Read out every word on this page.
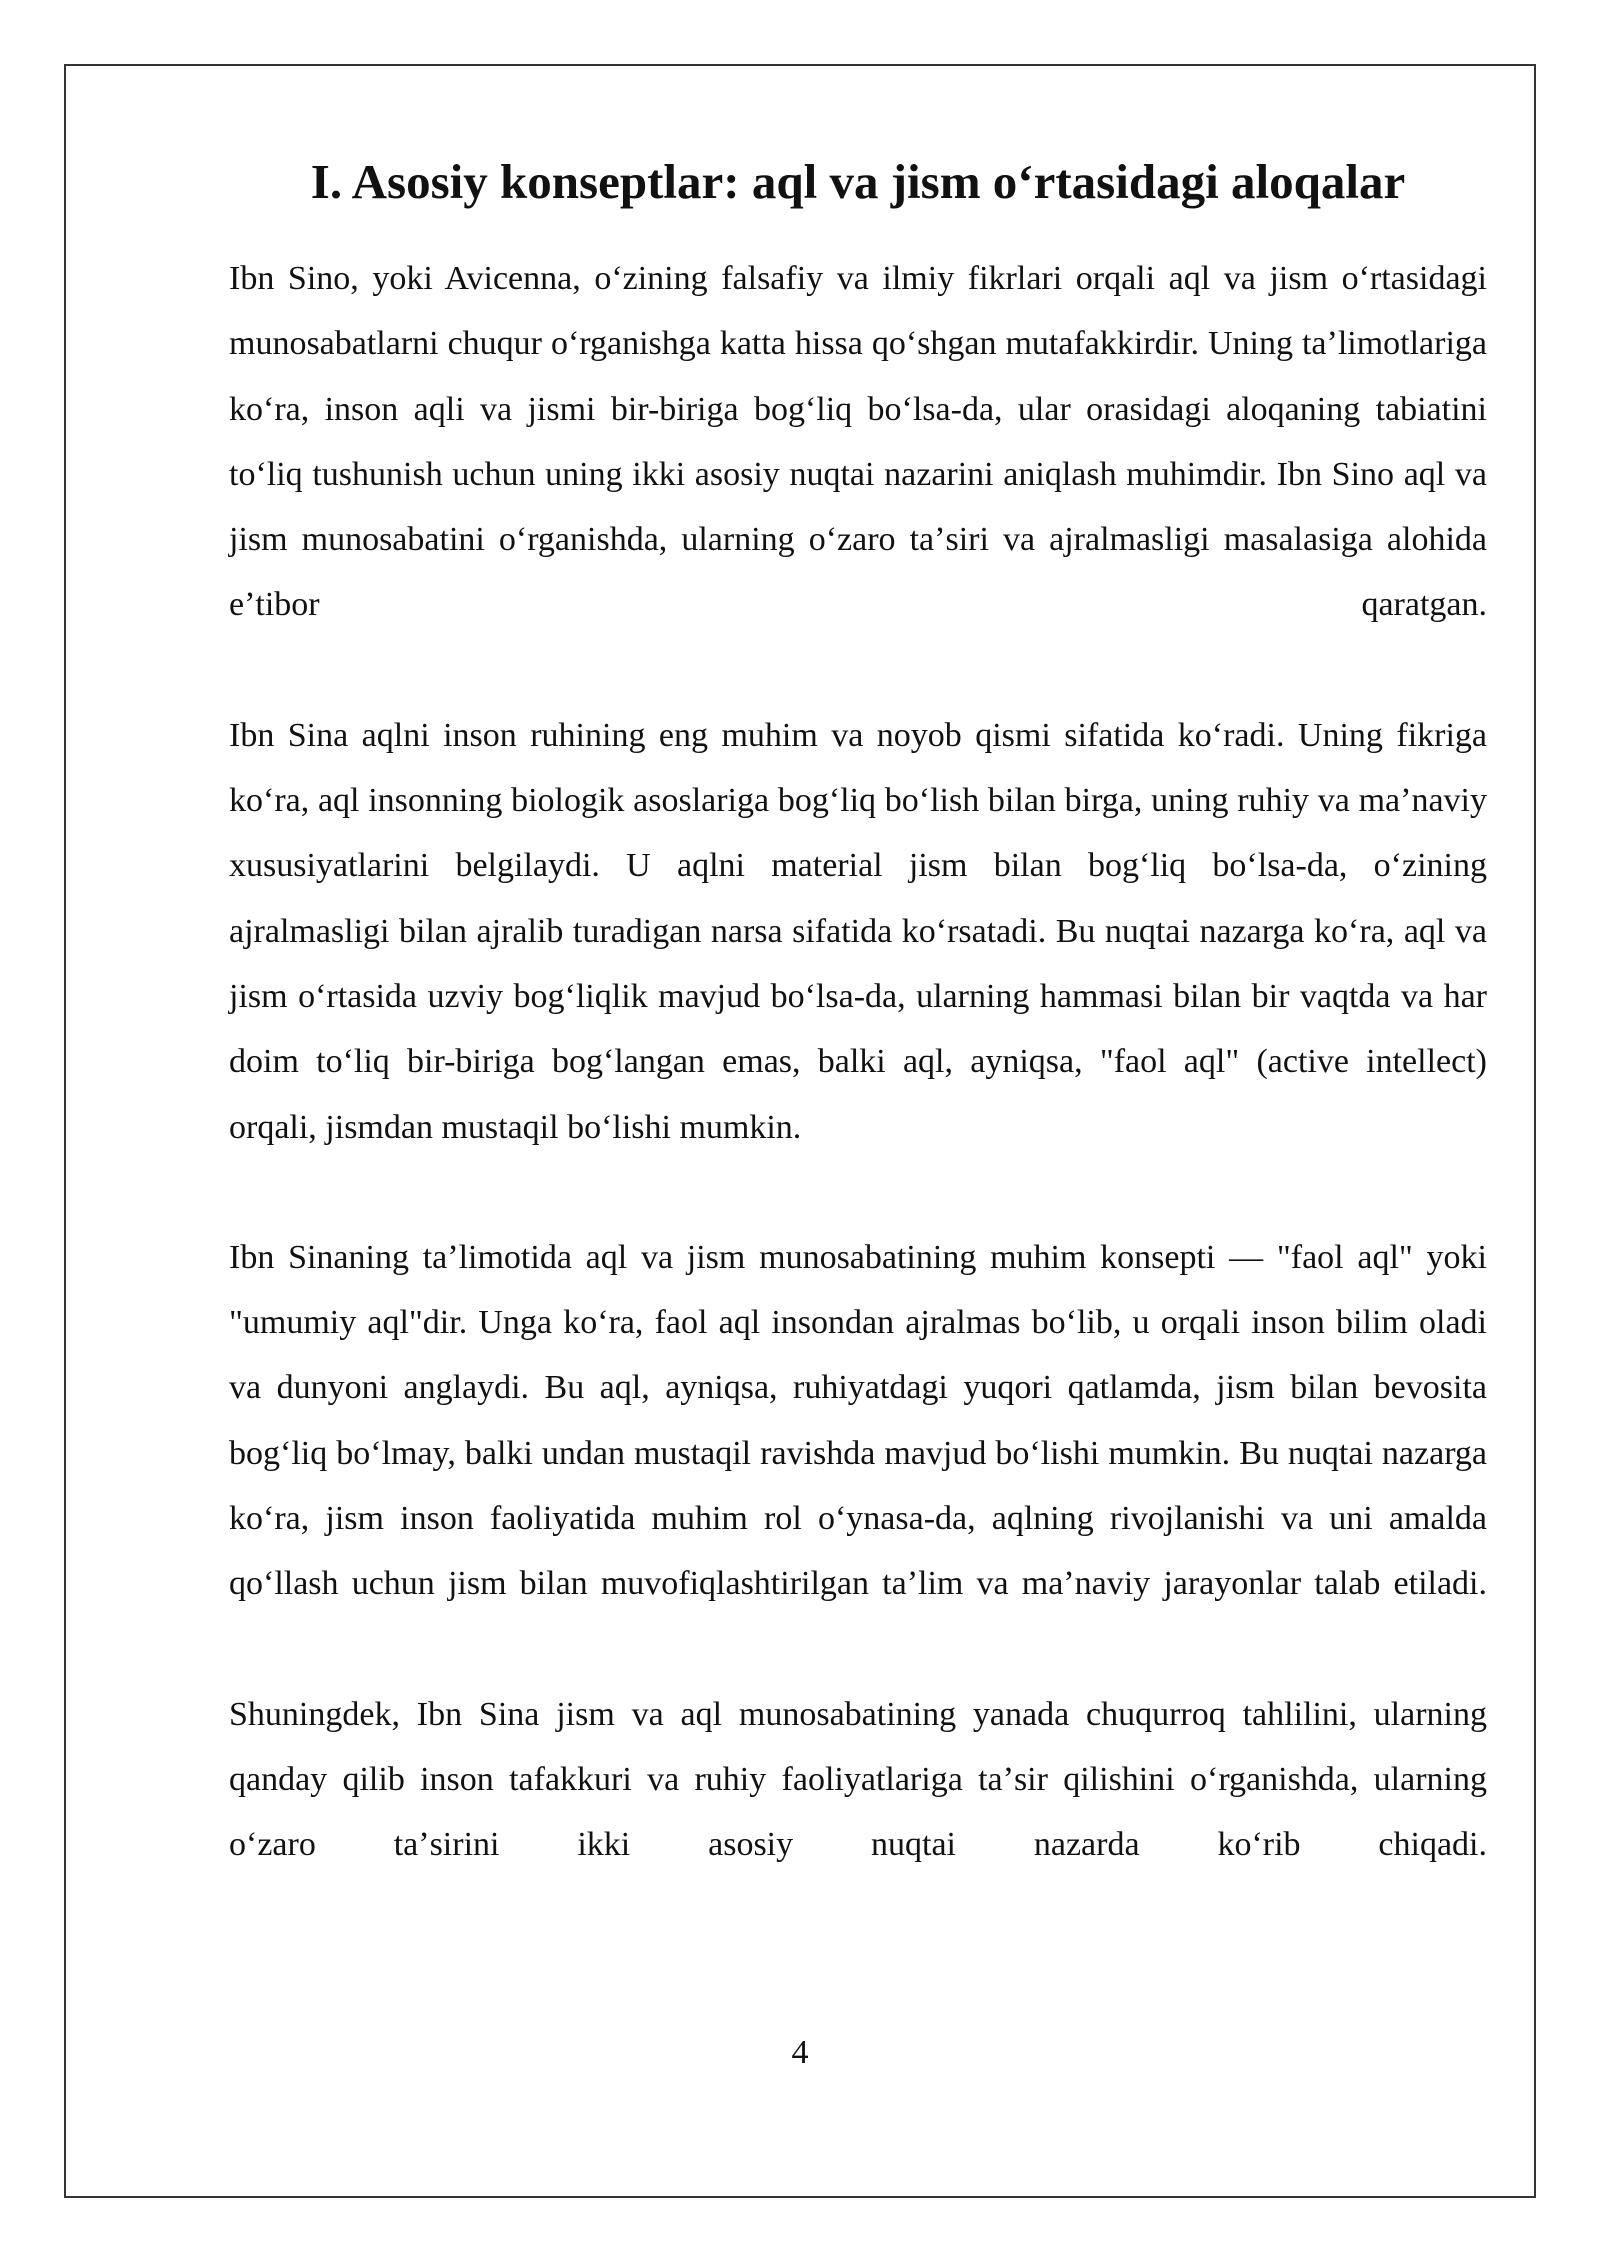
I. Asosiy konseptlar: aql va jism oʻrtasidagi aloqalar

Ibn Sino, yoki Avicenna, oʻzining falsafiy va ilmiy fikrlari orqali aql va jism oʻrtasidagi munosabatlarni chuqur oʻrganishga katta hissa qoʻshgan mutafakkirdir. Uning taʼlimotlariga koʻra, inson aqli va jismi bir-biriga bogʻliq boʻlsa-da, ular orasidagi aloqaning tabiatini toʻliq tushunish uchun uning ikki asosiy nuqtai nazarini aniqlash muhimdir. Ibn Sino aql va jism munosabatini oʻrganishda, ularning oʻzaro taʼsiri va ajralmasligi masalasiga alohida eʼtibor qaratgan.

Ibn Sina aqlni inson ruhining eng muhim va noyob qismi sifatida koʻradi. Uning fikriga koʻra, aql insonning biologik asoslariga bogʻliq boʻlish bilan birga, uning ruhiy va maʼnaviy xususiyatlarini belgilaydi. U aqlni material jism bilan bogʻliq boʻlsa-da, oʻzining ajralmasligi bilan ajralib turadigan narsa sifatida koʻrsatadi. Bu nuqtai nazarga koʻra, aql va jism oʻrtasida uzviy bogʻliqlik mavjud boʻlsa-da, ularning hammasi bilan bir vaqtda va har doim toʻliq bir-biriga bogʻlangan emas, balki aql, ayniqsa, "faol aql" (active intellect) orqali, jismdan mustaqil boʻlishi mumkin.

Ibn Sinaning taʼlimotida aql va jism munosabatining muhim konsepti — "faol aql" yoki "umumiy aql"dir. Unga koʻra, faol aql insondan ajralmas boʻlib, u orqali inson bilim oladi va dunyoni anglaydi. Bu aql, ayniqsa, ruhiyatdagi yuqori qatlamda, jism bilan bevosita bogʻliq boʻlmay, balki undan mustaqil ravishda mavjud boʻlishi mumkin. Bu nuqtai nazarga koʻra, jism inson faoliyatida muhim rol oʻynasa-da, aqlning rivojlanishi va uni amalda qoʻllash uchun jism bilan muvofiqlashtirilgan taʼlim va maʼnaviy jarayonlar talab etiladi.

Shuningdek, Ibn Sina jism va aql munosabatining yanada chuqurroq tahlilini, ularning qanday qilib inson tafakkuri va ruhiy faoliyatlariga taʼsir qilishini oʻrganishda, ularning oʻzaro taʼsirini ikki asosiy nuqtai nazarda koʻrib chiqadi.

4
